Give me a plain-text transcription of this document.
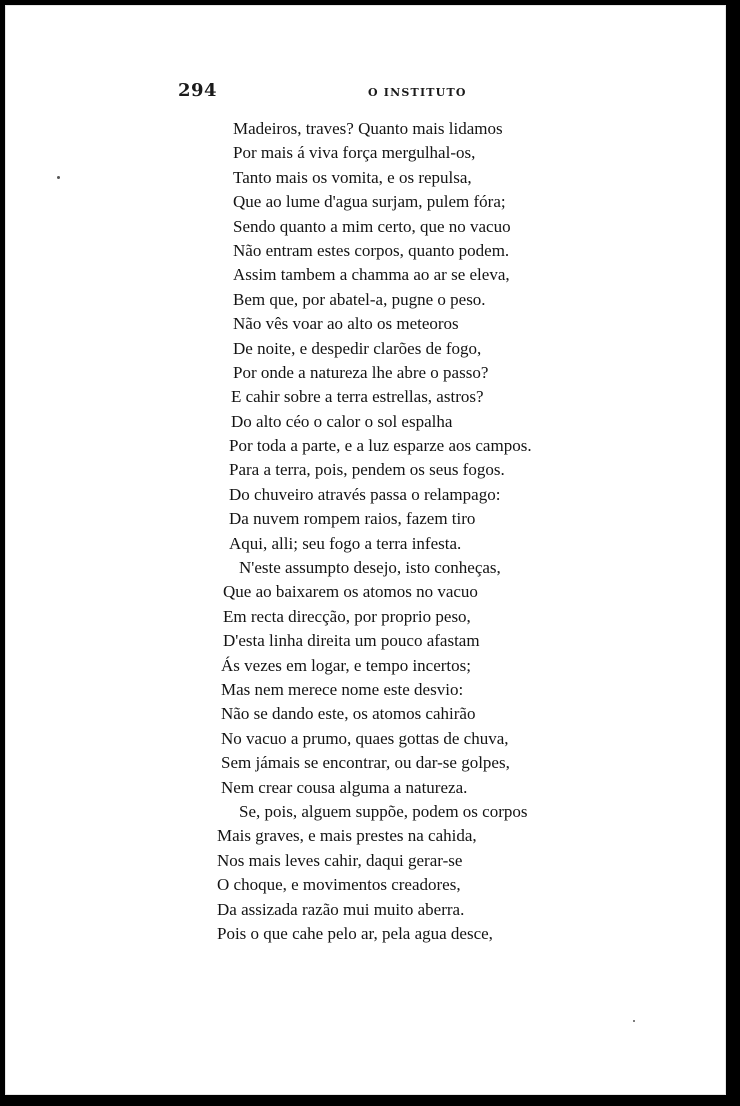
294	O INSTITUTO
Madeiros, traves? Quanto mais lidamos
Por mais á viva força mergulhal-os,
Tanto mais os vomita, e os repulsa,
Que ao lume d'agua surjam, pulem fóra;
Sendo quanto a mim certo, que no vacuo
Não entram estes corpos, quanto podem.
Assim tambem a chamma ao ar se eleva,
Bem que, por abatel-a, pugne o peso.
Não vês voar ao alto os meteoros
De noite, e despedir clarões de fogo,
Por onde a natureza lhe abre o passo?
E cahir sobre a terra estrellas, astros?
Do alto céo o calor o sol espalha
Por toda a parte, e a luz esparze aos campos.
Para a terra, pois, pendem os seus fogos.
Do chuveiro através passa o relampago:
Da nuvem rompem raios, fazem tiro
Aqui, alli; seu fogo a terra infesta.
N'este assumpto desejo, isto conheças,
Que ao baixarem os atomos no vacuo
Em recta direcção, por proprio peso,
D'esta linha direita um pouco afastam
Ás vezes em logar, e tempo incertos;
Mas nem merece nome este desvio:
Não se dando este, os atomos cahirão
No vacuo a prumo, quaes gottas de chuva,
Sem jámais se encontrar, ou dar-se golpes,
Nem crear cousa alguma a natureza.
Se, pois, alguem suppõe, podem os corpos
Mais graves, e mais prestes na cahida,
Nos mais leves cahir, daqui gerar-se
O choque, e movimentos creadores,
Da assizada razão mui muito aberra.
Pois o que cahe pelo ar, pela agua desce,
